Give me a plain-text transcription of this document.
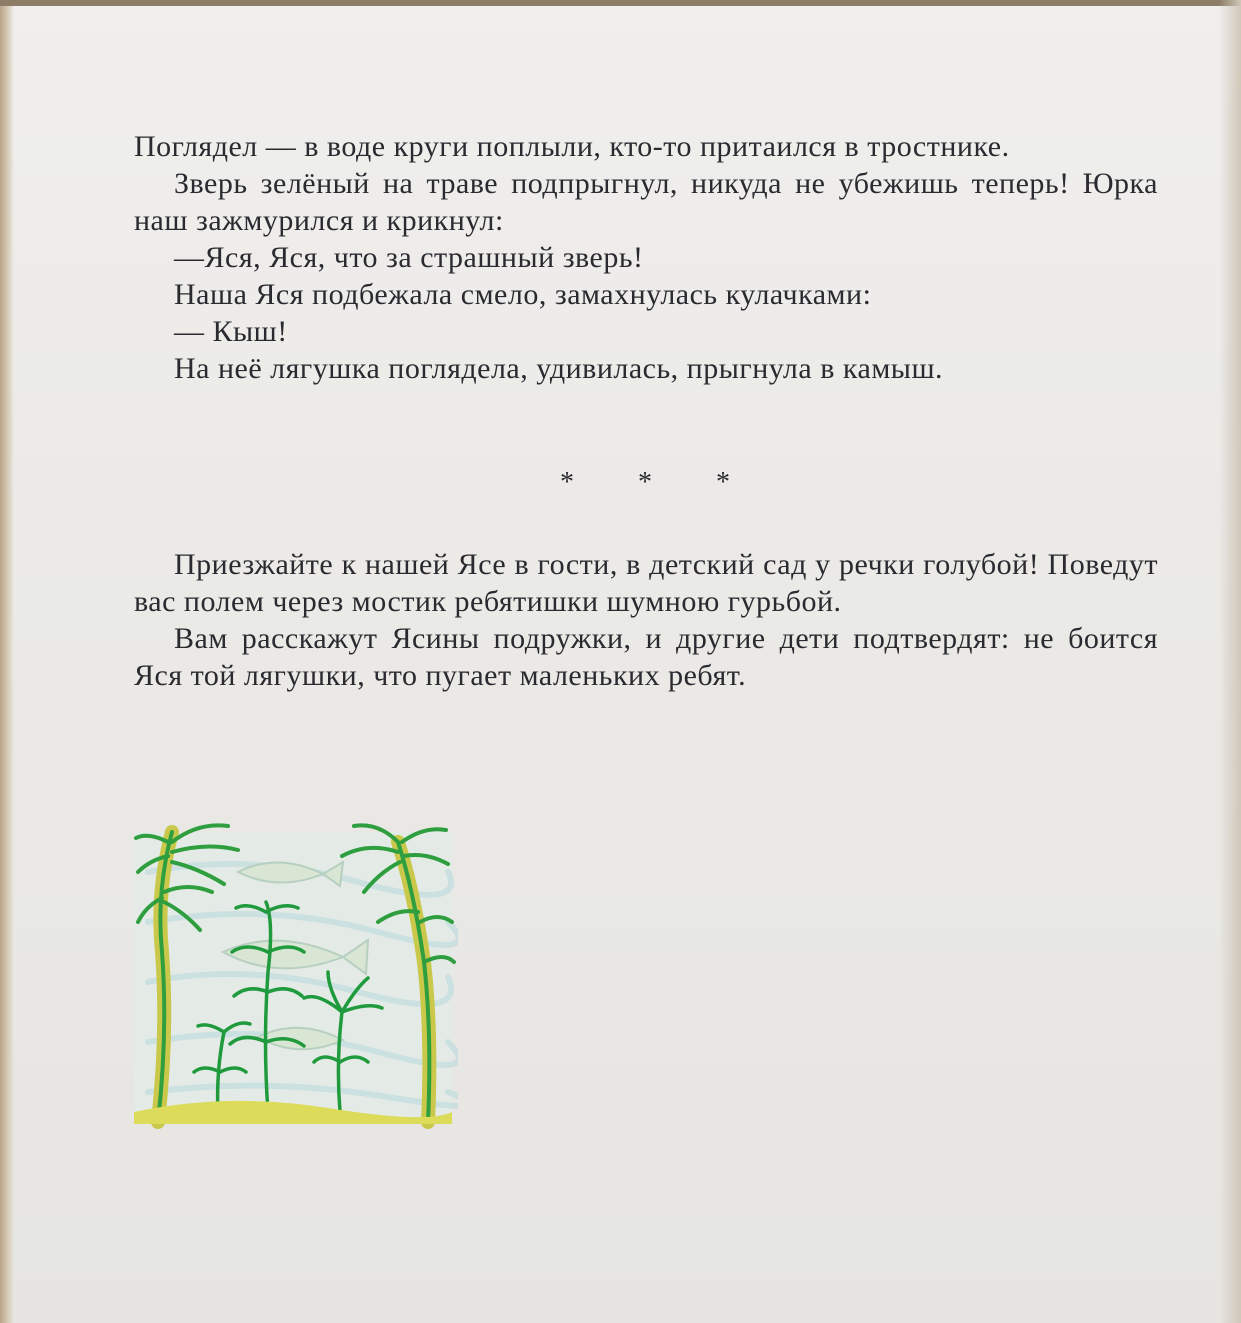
Поглядел — в воде круги поплыли, кто-то притаился в тростнике.

Зверь зелёный на траве подпрыгнул, никуда не убежишь теперь! Юрка наш зажмурился и крикнул:

—Яся, Яся, что за страшный зверь!

Наша Яся подбежала смело, замахнулась кулачками:

— Кыш!

На неё лягушка поглядела, удивилась, прыгнула в камыш.

* * *

Приезжайте к нашей Ясе в гости, в детский сад у речки голубой! Поведут вас полем через мостик ребятишки шумною гурьбой.

Вам расскажут Ясины подружки, и другие дети подтвердят: не боится Яся той лягушки, что пугает маленьких ребят.
